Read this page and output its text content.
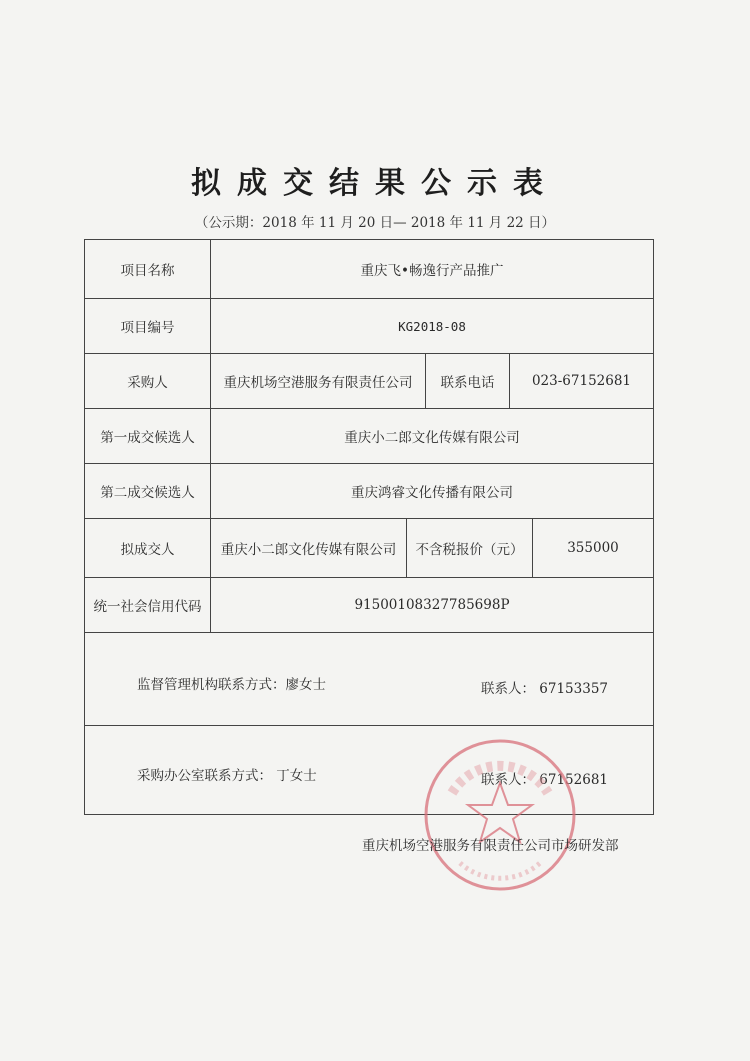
拟成交结果公示表
（公示期：2018 年 11 月 20 日— 2018 年 11 月 22 日）
项目名称	重庆飞•畅逸行产品推广
项目编号	KG2018-08
采购人	重庆机场空港服务有限责任公司	联系电话	023-67152681
第一成交候选人	重庆小二郎文化传媒有限公司
第二成交候选人	重庆鸿睿文化传播有限公司
拟成交人	重庆小二郎文化传媒有限公司	不含税报价（元）	355000
统一社会信用代码	91500108327785698P
监督管理机构联系方式：廖女士	联系人： 67153357
采购办公室联系方式： 丁女士	联系人： 67152681
重庆机场空港服务有限责任公司市场研发部
